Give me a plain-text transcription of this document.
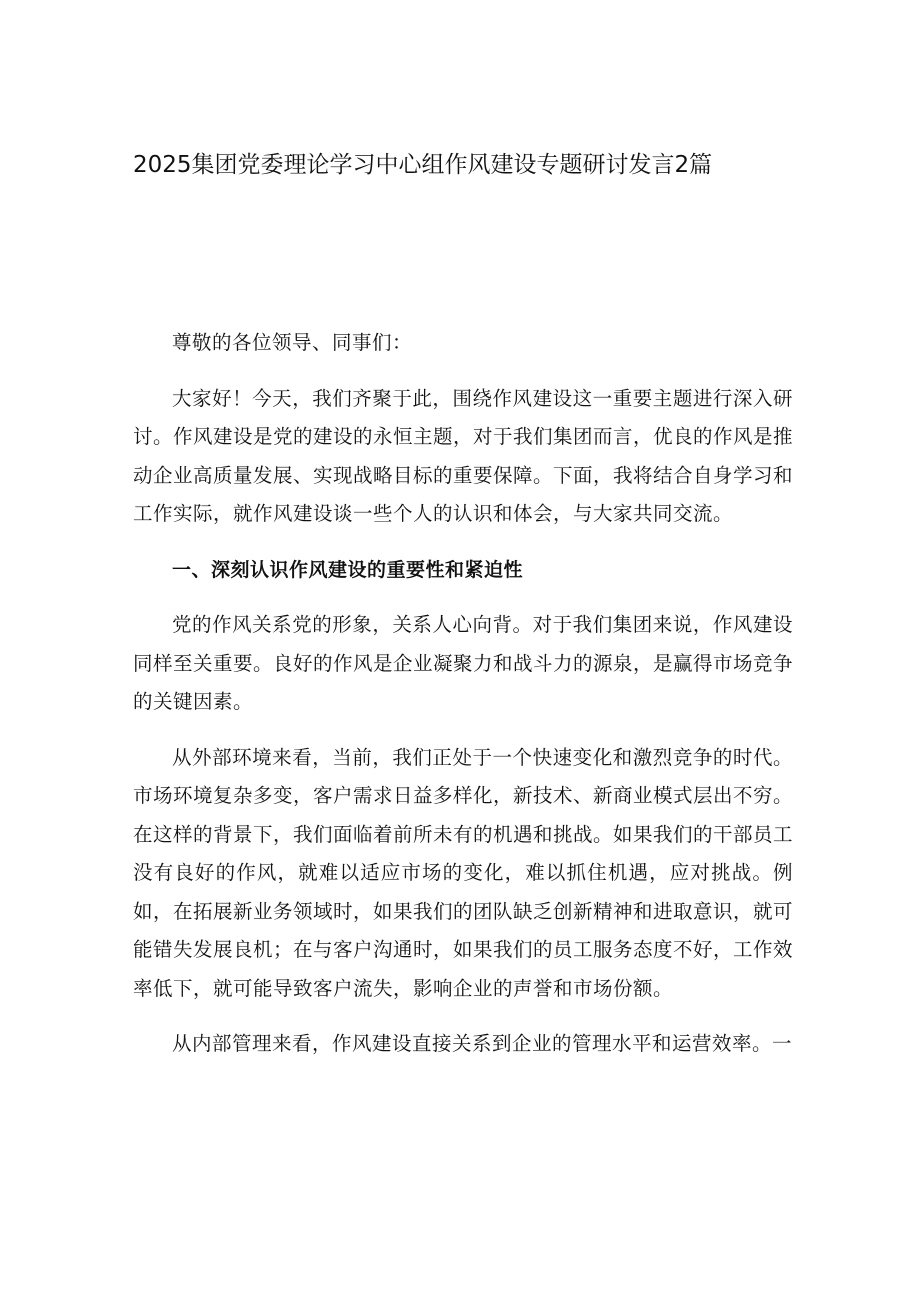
2025集团党委理论学习中心组作风建设专题研讨发言2篇

尊敬的各位领导、同事们：

大家好！今天，我们齐聚于此，围绕作风建设这一重要主题进行深入研讨。作风建设是党的建设的永恒主题，对于我们集团而言，优良的作风是推动企业高质量发展、实现战略目标的重要保障。下面，我将结合自身学习和工作实际，就作风建设谈一些个人的认识和体会，与大家共同交流。

一、深刻认识作风建设的重要性和紧迫性

党的作风关系党的形象，关系人心向背。对于我们集团来说，作风建设同样至关重要。良好的作风是企业凝聚力和战斗力的源泉，是赢得市场竞争的关键因素。

从外部环境来看，当前，我们正处于一个快速变化和激烈竞争的时代。市场环境复杂多变，客户需求日益多样化，新技术、新商业模式层出不穷。在这样的背景下，我们面临着前所未有的机遇和挑战。如果我们的干部员工没有良好的作风，就难以适应市场的变化，难以抓住机遇，应对挑战。例如，在拓展新业务领域时，如果我们的团队缺乏创新精神和进取意识，就可能错失发展良机；在与客户沟通时，如果我们的员工服务态度不好，工作效率低下，就可能导致客户流失，影响企业的声誉和市场份额。

从内部管理来看，作风建设直接关系到企业的管理水平和运营效率。一
